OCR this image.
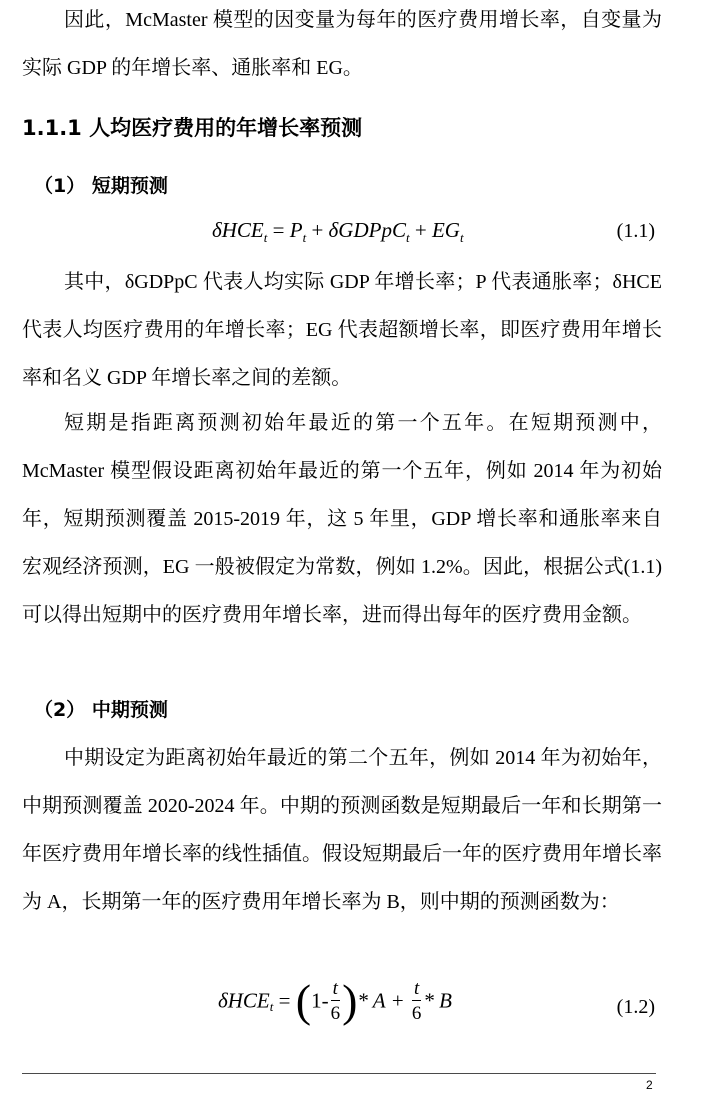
因此，McMaster 模型的因变量为每年的医疗费用增长率，自变量为实际 GDP 的年增长率、通胀率和 EG。

1.1.1 人均医疗费用的年增长率预测
（1） 短期预测
$\delta HCE_t = P_t$ + δGDPpC$_t$ + $EG_t$	(1.1)

其中，δGDPpC 代表人均实际 GDP 年增长率；P 代表通胀率；δHCE 代表人均医疗费用的年增长率；EG 代表超额增长率，即医疗费用年增长率和名义 GDP 年增长率之间的差额。

短期是指距离预测初始年最近的第一个五年。在短期预测中，McMaster 模型假设距离初始年最近的第一个五年，例如 2014 年为初始年，短期预测覆盖 2015-2019 年，这 5 年里，GDP 增长率和通胀率来自宏观经济预测，EG 一般被假定为常数，例如 1.2%。因此，根据公式(1.1)可以得出短期中的医疗费用年增长率，进而得出每年的医疗费用金额。

（2） 中期预测

中期设定为距离初始年最近的第二个五年，例如 2014 年为初始年，中期预测覆盖 2020-2024 年。中期的预测函数是短期最后一年和长期第一年医疗费用年增长率的线性插值。假设短期最后一年的医疗费用年增长率为 A，长期第一年的医疗费用年增长率为 B，则中期的预测函数为：

$\delta HCE_t = (1- \frac{t}{6}$ )* $A + \frac{t}{6} * B$	(1.2)
2
